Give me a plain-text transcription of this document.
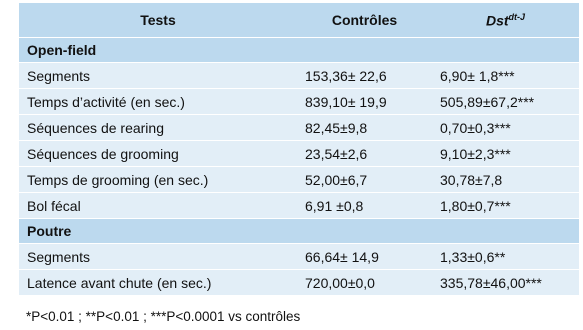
Tests	Contrôles	Dst$^{dt-J}$
Open-field		
Segments	153,36± 22,6	6,90± 1,8***
Temps d’activité (en sec.)	839,10± 19,9	505,89±67,2***
Séquences de rearing	82,45±9,8	0,70±0,3***
Séquences de grooming	23,54±2,6	9,10±2,3***
Temps de grooming (en sec.)	52,00±6,7	30,78±7,8
Bol fécal	6,91 ±0,8	1,80±0,7***
Poutre		
Segments	66,64± 14,9	1,33±0,6**
Latence avant chute (en sec.)	720,00±0,0	335,78±46,00***
*P<0.01 ; **P<0.01 ; ***P<0.0001 vs contrôles
